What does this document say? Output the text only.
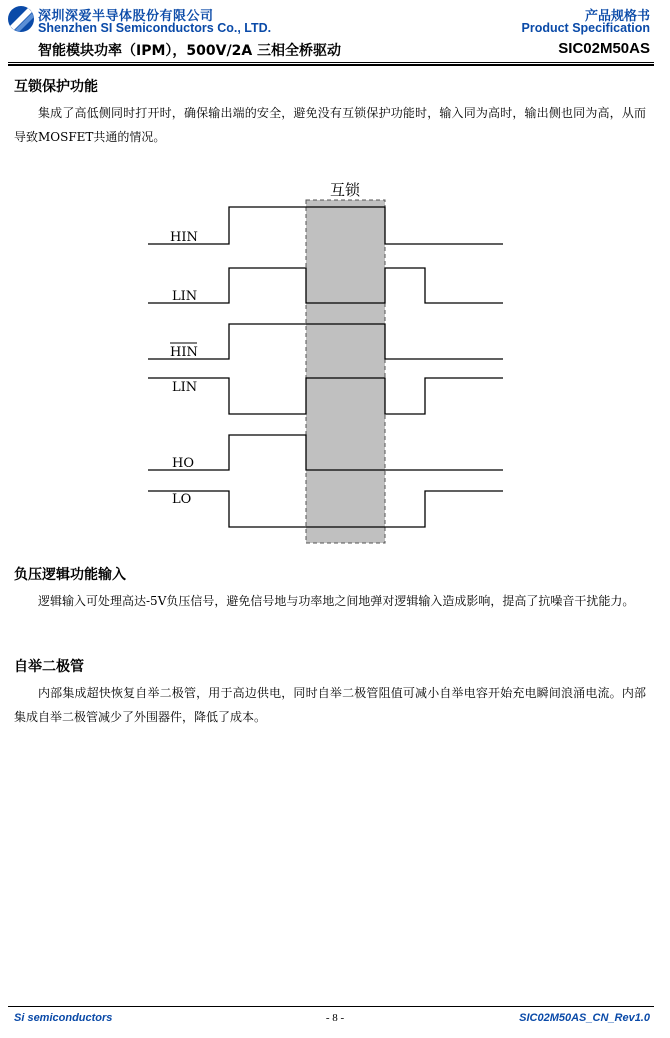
深圳深爱半导体股份有限公司
Shenzhen SI Semiconductors Co., LTD.
产品规格书
Product Specification
智能模块功率（IPM），500V/2A 三相全桥驱动	SIC02M50AS
互锁保护功能

集成了高低侧同时打开时，确保输出端的安全，避免没有互锁保护功能时，输入同为高时，输出侧也同为高，从而导致MOSFET共通的情况。

互锁
HIN
LIN
HIN
LIN
HO
LO
负压逻辑功能输入

逻辑输入可处理高达-5V负压信号，避免信号地与功率地之间地弹对逻辑输入造成影响，提高了抗噪音干扰能力。

自举二极管

内部集成超快恢复自举二极管，用于高边供电，同时自举二极管阻值可减小自举电容开始充电瞬间浪涌电流。内部集成自举二极管减少了外围器件，降低了成本。

Si semiconductors	- 8 -	SIC02M50AS_CN_Rev1.0
